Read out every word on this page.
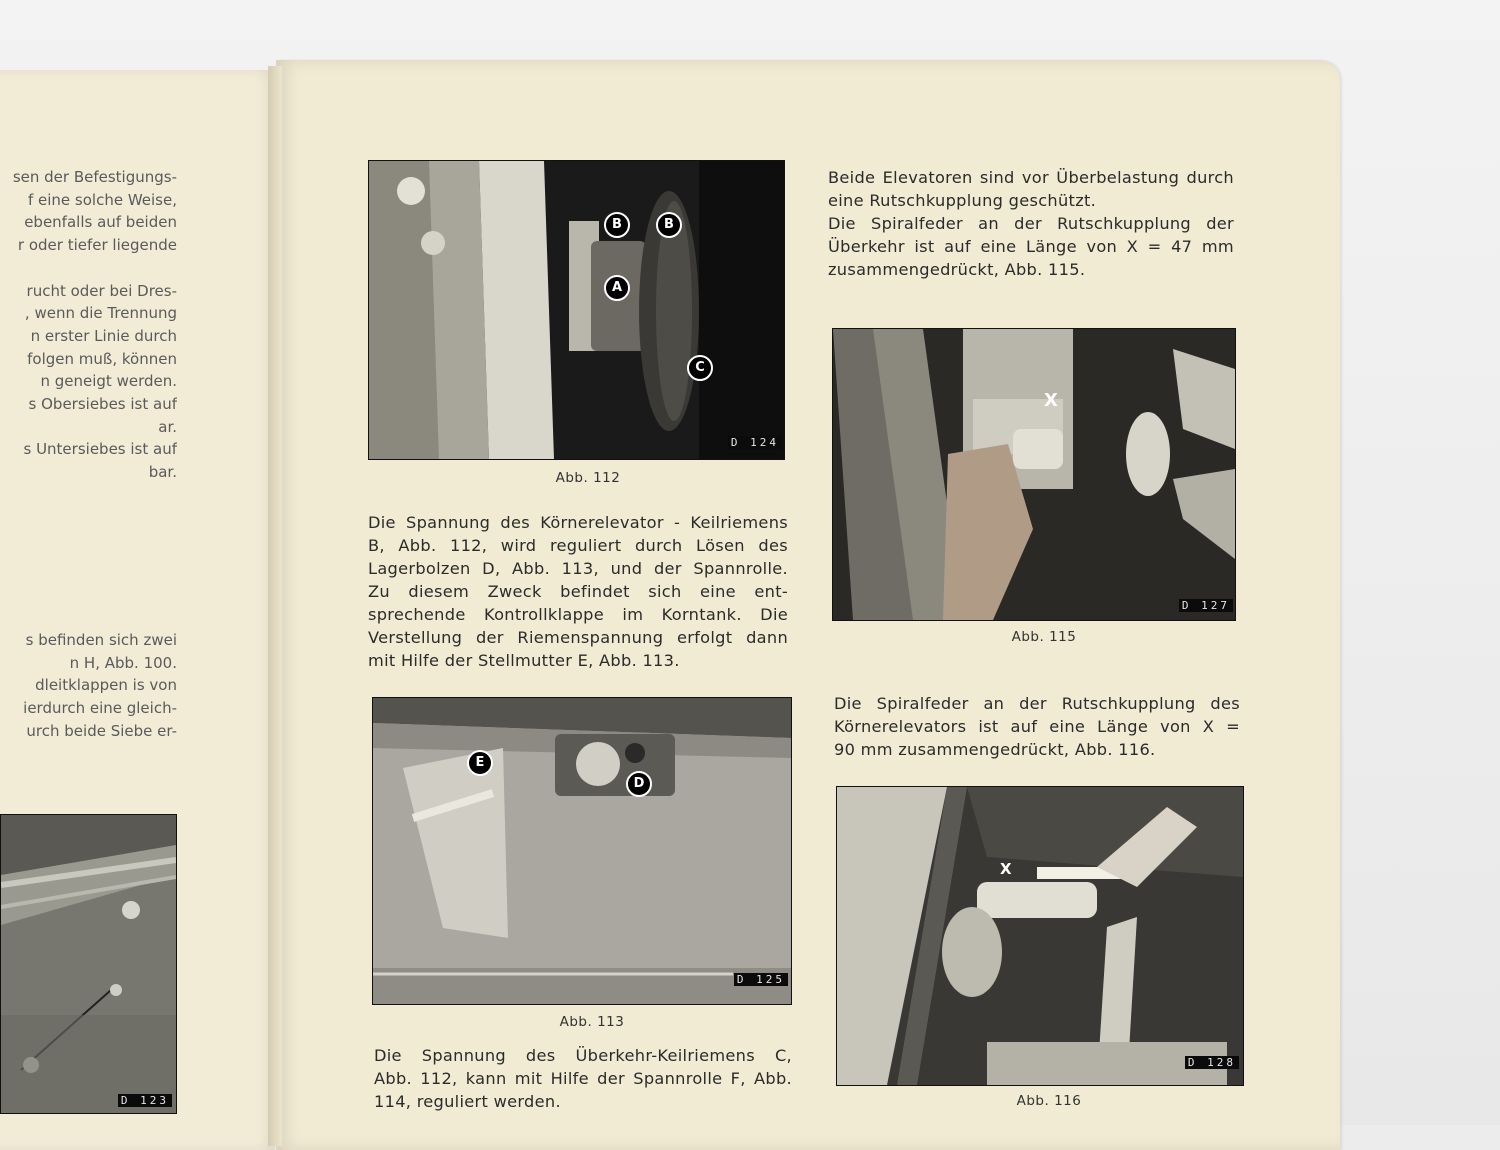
sen der Befestigungs-
f eine solche Weise,
ebenfalls auf beiden
r oder tiefer liegende

rucht oder bei Dres-
, wenn die Trennung
n erster Linie durch
folgen muß, können
n geneigt werden.
s Obersiebes ist auf
ar.
s Untersiebes ist auf
bar.
s befinden sich zwei
n H, Abb. 100.
dleitklappen is von
ierdurch eine gleich-
urch beide Siebe er-
D 123
D 124
B	B
A
C
Abb. 112
Die Spannung des Körnerelevator - Keilriemens
B, Abb. 112, wird reguliert durch Lösen des
Lagerbolzen D, Abb. 113, und der Spannrolle.
Zu diesem Zweck befindet sich eine ent-
sprechende Kontrollklappe im Korntank. Die
Verstellung der Riemenspannung erfolgt dann
mit Hilfe der Stellmutter E, Abb. 113.
D 125
E
D
Abb. 113
Die Spannung des Überkehr-Keilriemens C,
Abb. 112, kann mit Hilfe der Spannrolle F, Abb.
114, reguliert werden.
Beide Elevatoren sind vor Überbelastung durch
eine Rutschkupplung geschützt.
Die Spiralfeder an der Rutschkupplung der
Überkehr ist auf eine Länge von X = 47 mm
zusammengedrückt, Abb. 115.
D 127
X
Abb. 115
Die Spiralfeder an der Rutschkupplung des
Körnerelevators ist auf eine Länge von X =
90 mm zusammengedrückt, Abb. 116.
D 128
X
Abb. 116
